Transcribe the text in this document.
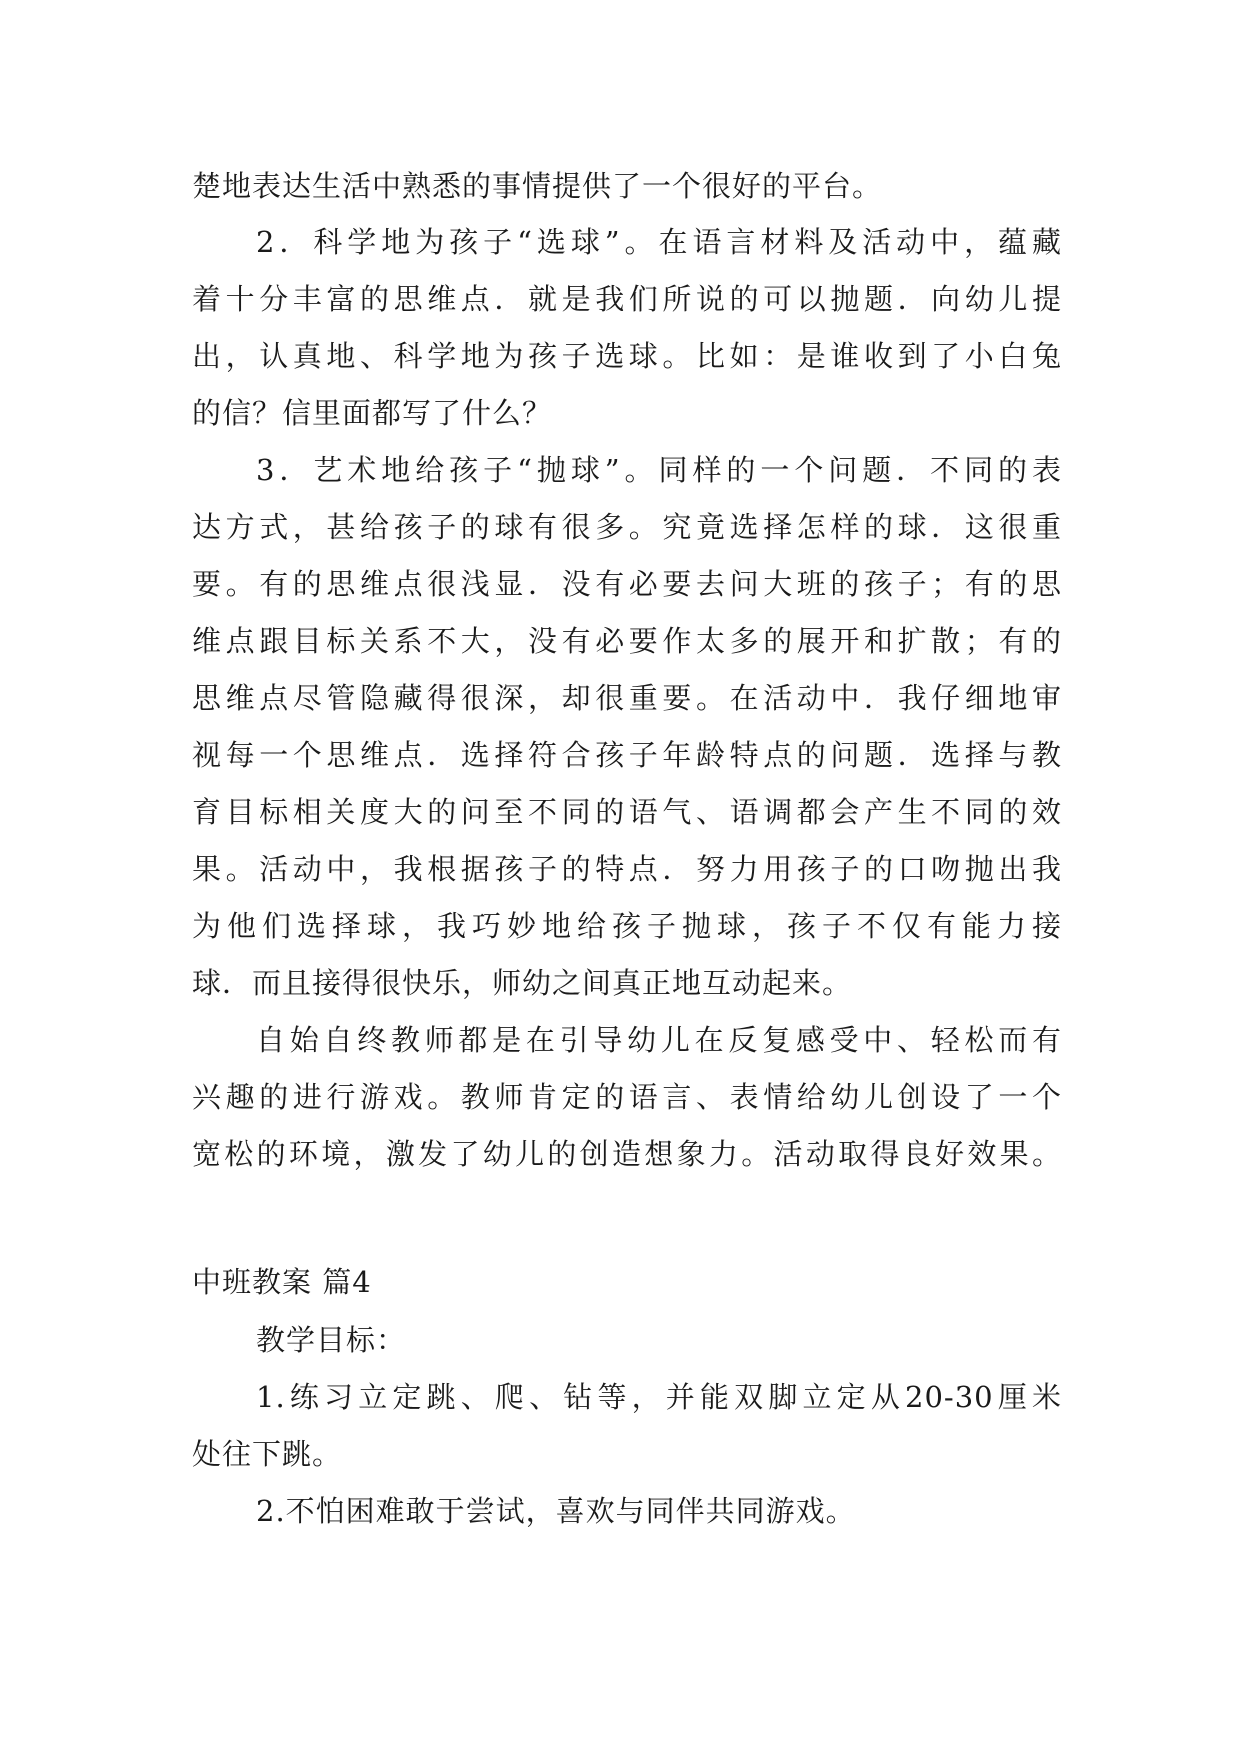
楚地表达生活中熟悉的事情提供了一个很好的平台。
2．科学地为孩子“选球”。在语言材料及活动中，蕴藏
着十分丰富的思维点．就是我们所说的可以抛题．向幼儿提
出，认真地、科学地为孩子选球。比如：是谁收到了小白兔
的信？信里面都写了什么？
3．艺术地给孩子“抛球”。同样的一个问题．不同的表
达方式，甚给孩子的球有很多。究竟选择怎样的球．这很重
要。有的思维点很浅显．没有必要去问大班的孩子；有的思
维点跟目标关系不大，没有必要作太多的展开和扩散；有的
思维点尽管隐藏得很深，却很重要。在活动中．我仔细地审
视每一个思维点．选择符合孩子年龄特点的问题．选择与教
育目标相关度大的问至不同的语气、语调都会产生不同的效
果。活动中，我根据孩子的特点．努力用孩子的口吻抛出我
为他们选择球，我巧妙地给孩子抛球，孩子不仅有能力接
球．而且接得很快乐，师幼之间真正地互动起来。
自始自终教师都是在引导幼儿在反复感受中、轻松而有
兴趣的进行游戏。教师肯定的语言、表情给幼儿创设了一个
宽松的环境，激发了幼儿的创造想象力。活动取得良好效果。
中班教案 篇4
教学目标：
1.练习立定跳、爬、钻等，并能双脚立定从20-30厘米
处往下跳。
2.不怕困难敢于尝试，喜欢与同伴共同游戏。
